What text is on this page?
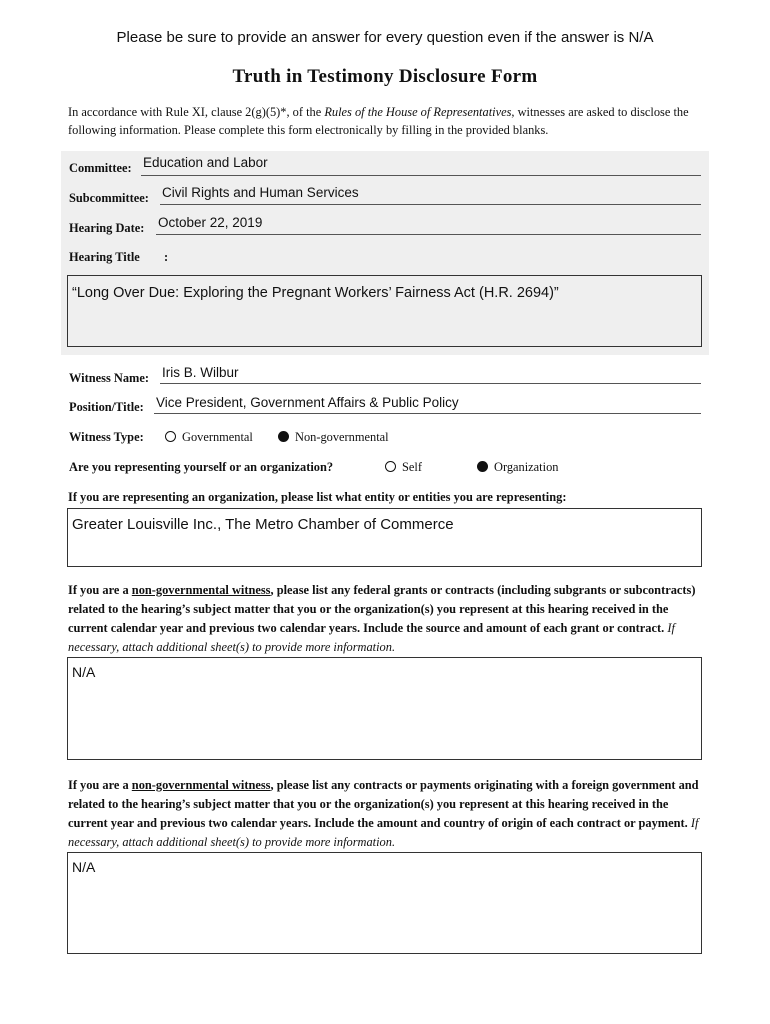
Please be sure to provide an answer for every question even if the answer is N/A
Truth in Testimony Disclosure Form
In accordance with Rule XI, clause 2(g)(5)*, of the Rules of the House of Representatives, witnesses are asked to disclose the following information. Please complete this form electronically by filling in the provided blanks.
Committee: Education and Labor
Subcommittee: Civil Rights and Human Services
Hearing Date: October 22, 2019
Hearing Title :
“Long Over Due: Exploring the Pregnant Workers’ Fairness Act (H.R. 2694)”
Witness Name: Iris B. Wilbur
Position/Title: Vice President, Government Affairs & Public Policy
Witness Type:	Governmental	Non-governmental
Are you representing yourself or an organization?	Self	Organization
If you are representing an organization, please list what entity or entities you are representing:
Greater Louisville Inc., The Metro Chamber of Commerce
If you are a non-governmental witness, please list any federal grants or contracts (including subgrants or subcontracts) related to the hearing’s subject matter that you or the organization(s) you represent at this hearing received in the current calendar year and previous two calendar years. Include the source and amount of each grant or contract. If necessary, attach additional sheet(s) to provide more information.
N/A
If you are a non-governmental witness, please list any contracts or payments originating with a foreign government and related to the hearing’s subject matter that you or the organization(s) you represent at this hearing received in the current year and previous two calendar years. Include the amount and country of origin of each contract or payment. If necessary, attach additional sheet(s) to provide more information.
N/A
